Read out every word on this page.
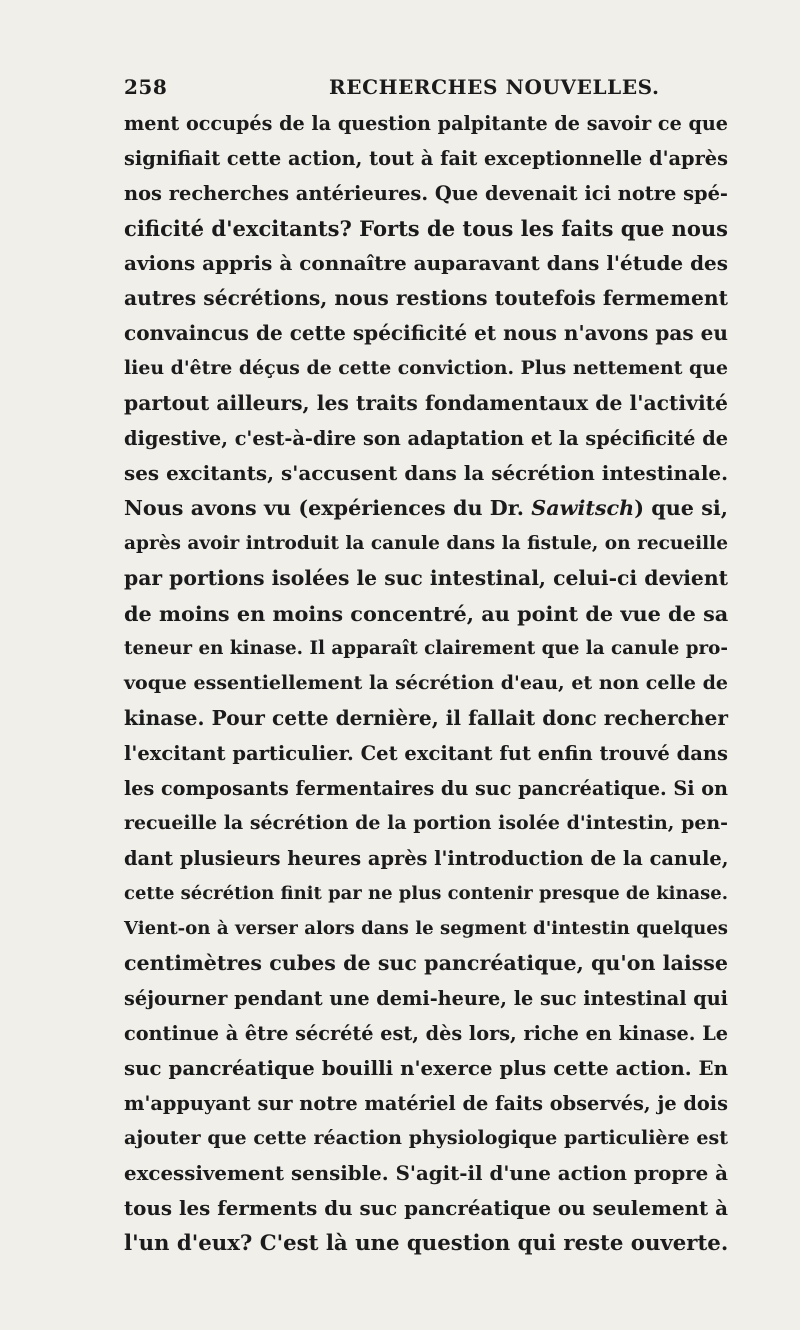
258	RECHERCHES NOUVELLES.
ment occupés de la question palpitante de savoir ce que
signifiait cette action, tout à fait exceptionnelle d'après
nos recherches antérieures. Que devenait ici notre spé-
cificité d'excitants? Forts de tous les faits que nous
avions appris à connaître auparavant dans l'étude des
autres sécrétions, nous restions toutefois fermement
convaincus de cette spécificité et nous n'avons pas eu
lieu d'être déçus de cette conviction. Plus nettement que
partout ailleurs, les traits fondamentaux de l'activité
digestive, c'est-à-dire son adaptation et la spécificité de
ses excitants, s'accusent dans la sécrétion intestinale.
Nous avons vu (expériences du Dr. Sawitsch) que si,
après avoir introduit la canule dans la fistule, on recueille
par portions isolées le suc intestinal, celui-ci devient
de moins en moins concentré, au point de vue de sa
teneur en kinase. Il apparaît clairement que la canule pro-
voque essentiellement la sécrétion d'eau, et non celle de
kinase. Pour cette dernière, il fallait donc rechercher
l'excitant particulier. Cet excitant fut enfin trouvé dans
les composants fermentaires du suc pancréatique. Si on
recueille la sécrétion de la portion isolée d'intestin, pen-
dant plusieurs heures après l'introduction de la canule,
cette sécrétion finit par ne plus contenir presque de kinase.
Vient-on à verser alors dans le segment d'intestin quelques
centimètres cubes de suc pancréatique, qu'on laisse
séjourner pendant une demi-heure, le suc intestinal qui
continue à être sécrété est, dès lors, riche en kinase. Le
suc pancréatique bouilli n'exerce plus cette action. En
m'appuyant sur notre matériel de faits observés, je dois
ajouter que cette réaction physiologique particulière est
excessivement sensible. S'agit-il d'une action propre à
tous les ferments du suc pancréatique ou seulement à
l'un d'eux? C'est là une question qui reste ouverte.
